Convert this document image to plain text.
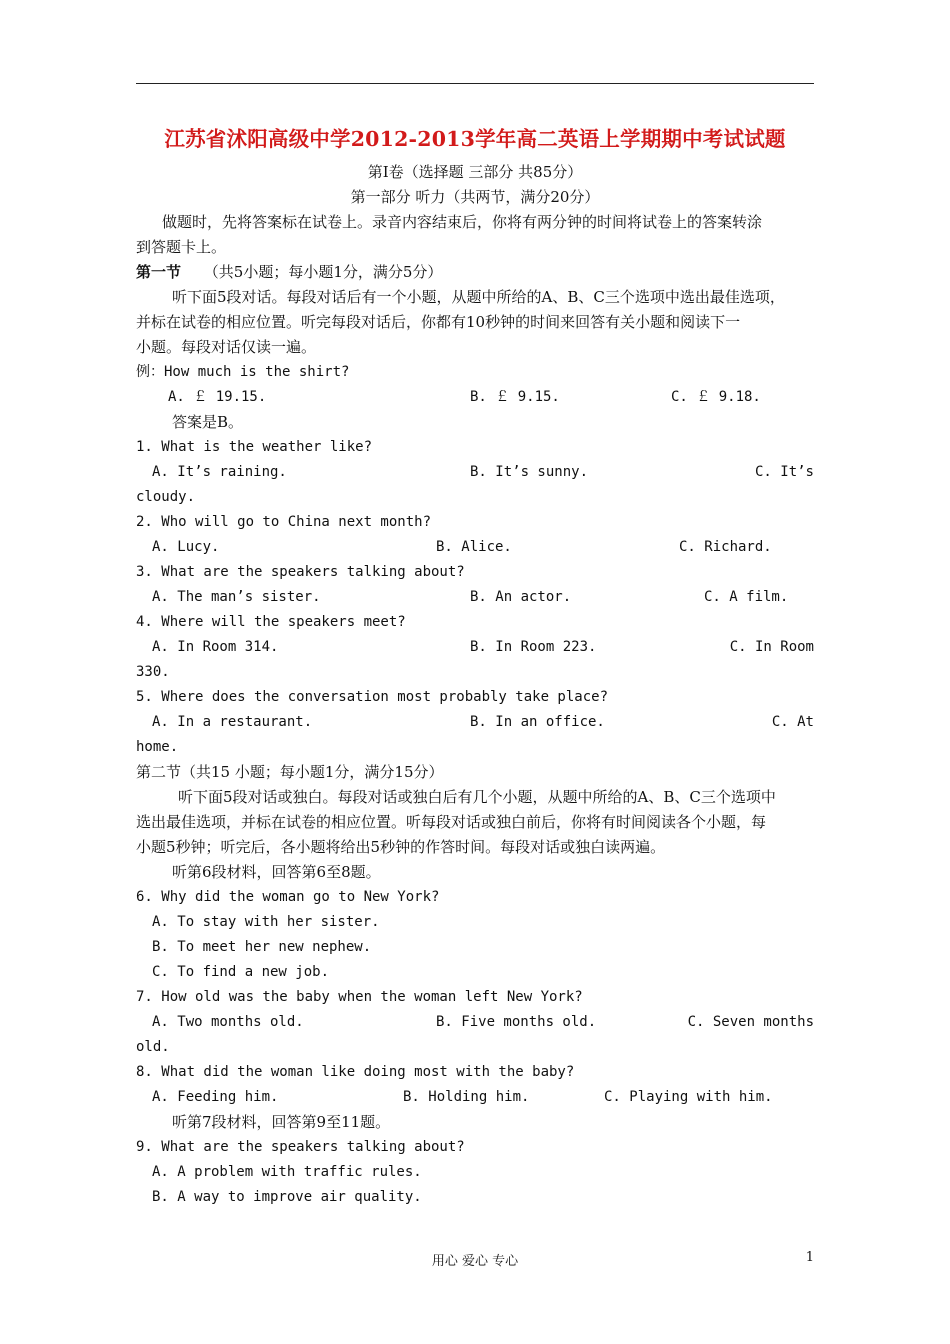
江苏省沭阳高级中学2012-2013学年高二英语上学期期中考试试题
第Ⅰ卷（选择题 三部分 共85分）
第一部分 听力（共两节，满分20分）
做题时，先将答案标在试卷上。录音内容结束后，你将有两分钟的时间将试卷上的答案转涂
到答题卡上。
第一节 （共5小题；每小题1分，满分5分）
听下面5段对话。每段对话后有一个小题，从题中所给的A、B、C三个选项中选出最佳选项，
并标在试卷的相应位置。听完每段对话后，你都有10秒钟的时间来回答有关小题和阅读下一
小题。每段对话仅读一遍。
例：How much is the shirt?
A. ￡ 19.15.	B. ￡ 9.15.	C. ￡ 9.18.
答案是B。
1. What is the weather like?
A. It’s raining.	B. It’s sunny.	C. It’s
cloudy.
2. Who will go to China next month?
A. Lucy.	B. Alice.	C. Richard.
3. What are the speakers talking about?
A. The man’s sister.	B. An actor.	C. A film.
4. Where will the speakers meet?
A. In Room 314.	B. In Room 223.	C. In Room
330.
5. Where does the conversation most probably take place?
A. In a restaurant.	B. In an office.	C. At
home.
第二节（共15 小题；每小题1分，满分15分）
听下面5段对话或独白。每段对话或独白后有几个小题，从题中所给的A、B、C三个选项中
选出最佳选项，并标在试卷的相应位置。听每段对话或独白前后，你将有时间阅读各个小题，每
小题5秒钟；听完后，各小题将给出5秒钟的作答时间。每段对话或独白读两遍。
听第6段材料，回答第6至8题。
6. Why did the woman go to New York?
A. To stay with her sister.
B. To meet her new nephew.
C. To find a new job.
7. How old was the baby when the woman left New York?
A. Two months old.	B. Five months old.	C. Seven months
old.
8. What did the woman like doing most with the baby?
A. Feeding him.	B. Holding him.	C. Playing with him.
听第7段材料，回答第9至11题。
9. What are the speakers talking about?
A. A problem with traffic rules.
B. A way to improve air quality.
用心 爱心 专心	1
